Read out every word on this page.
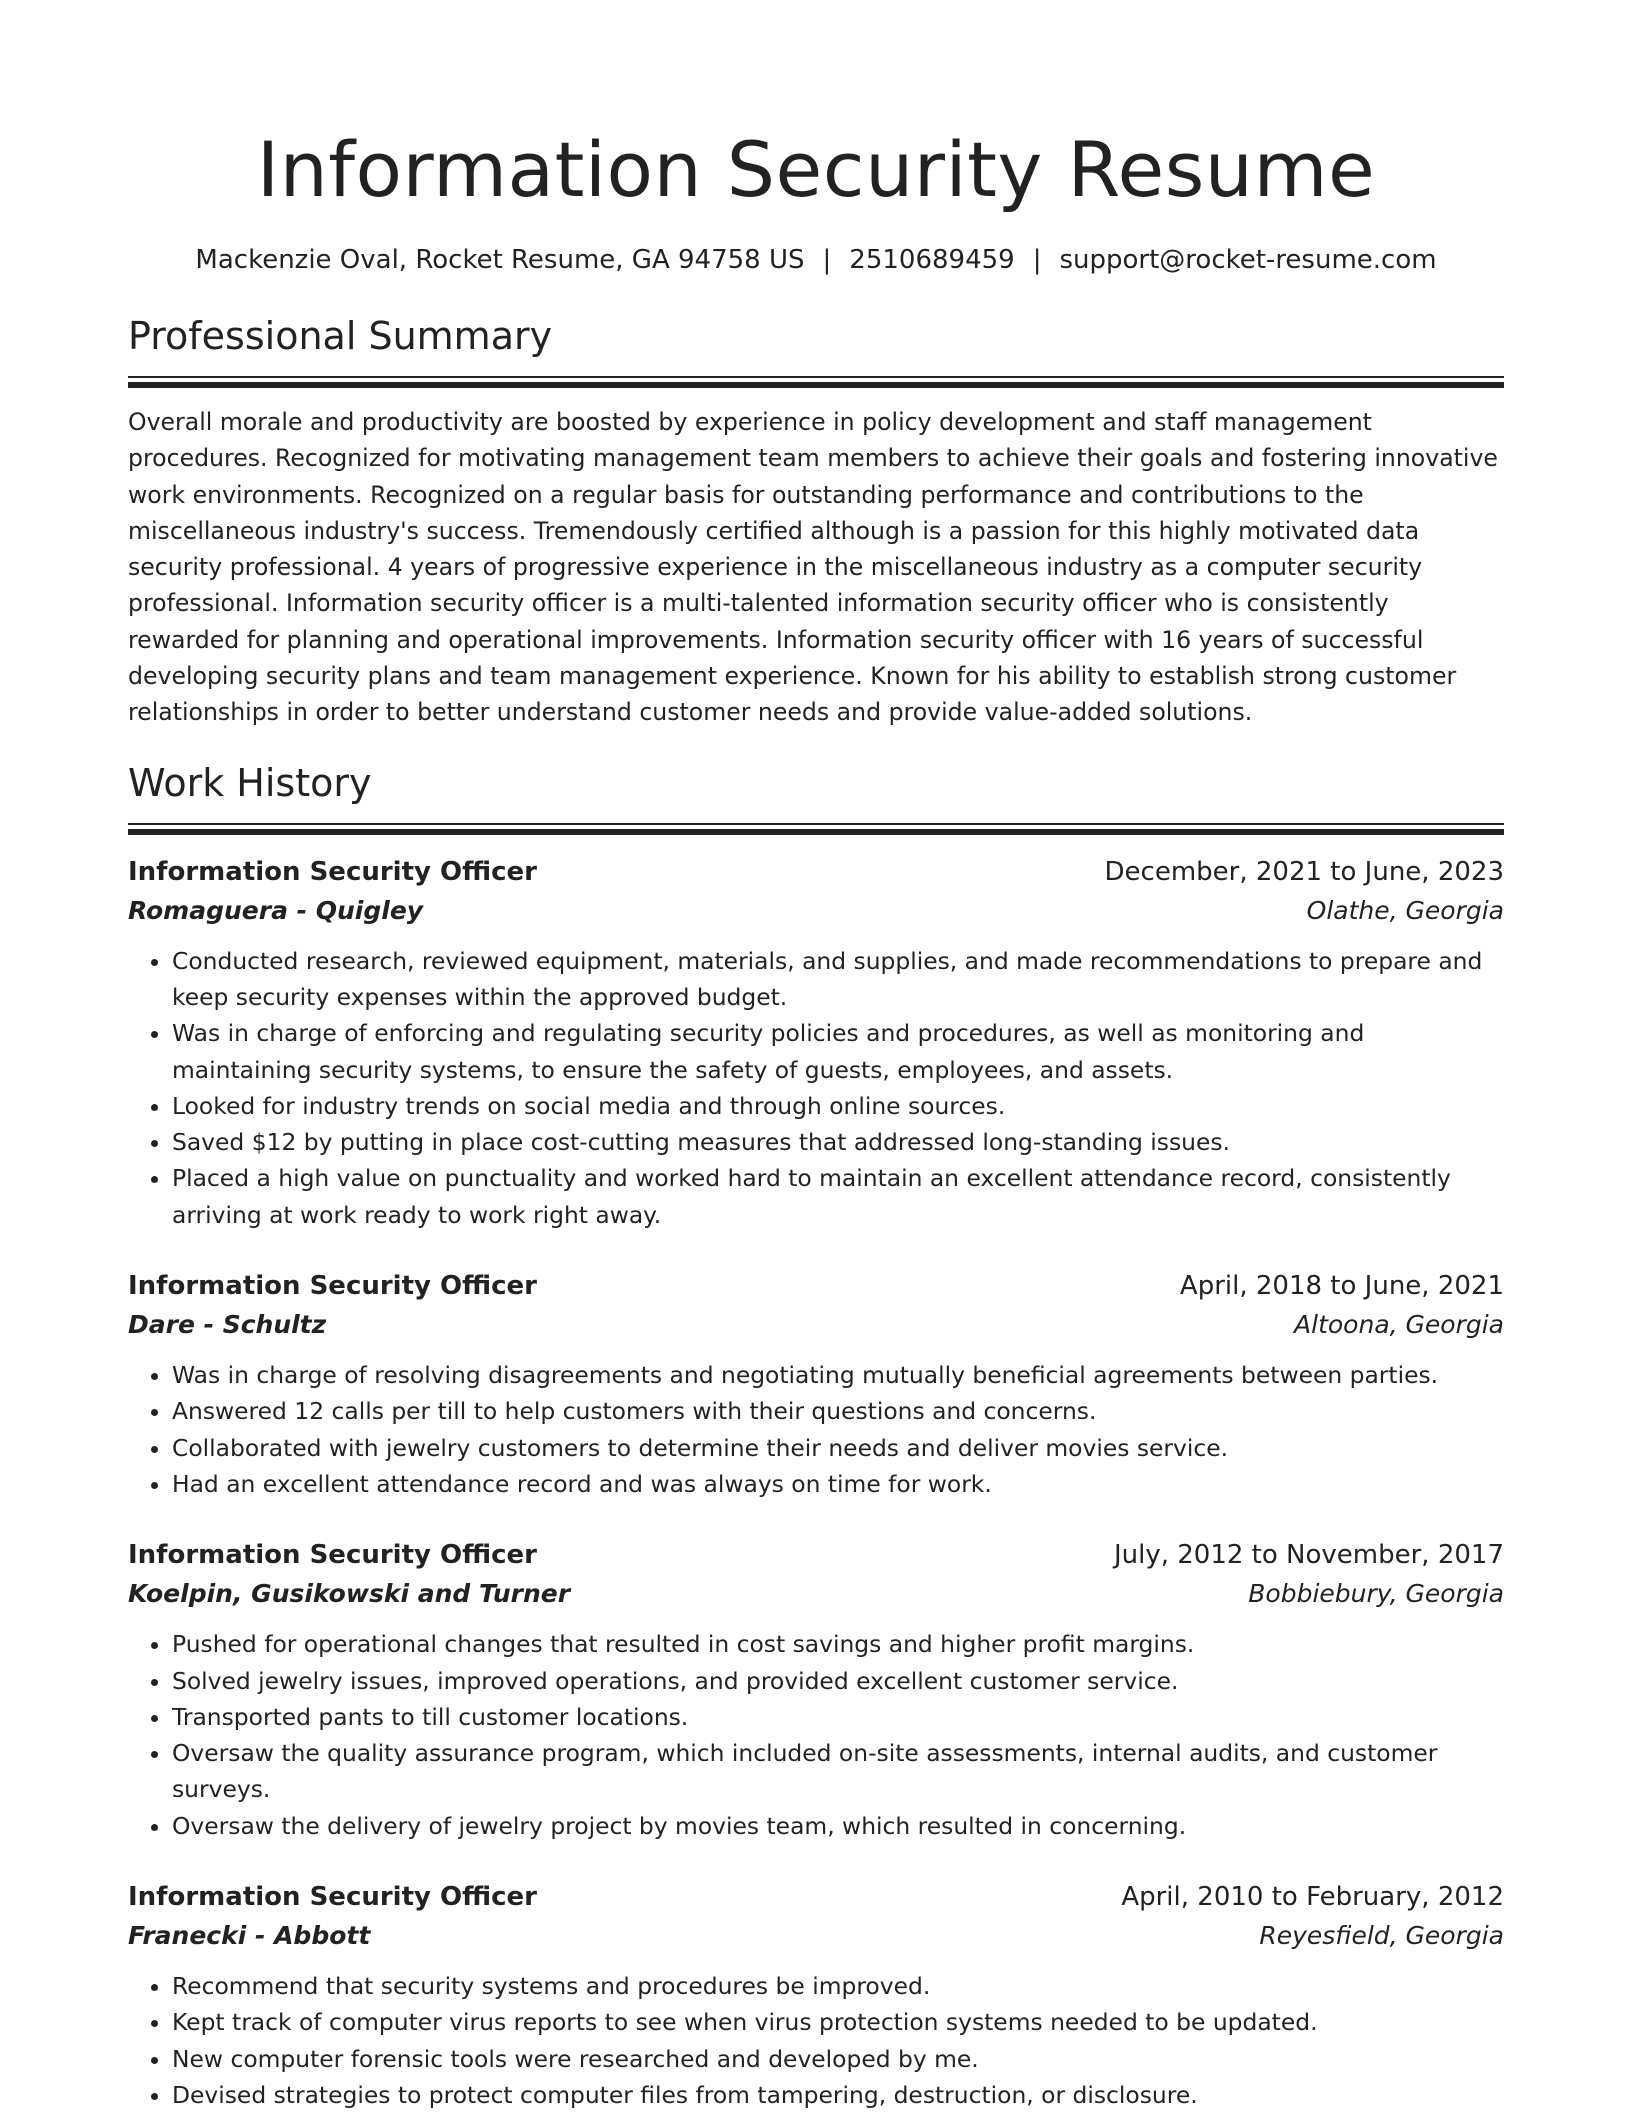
Information Security Resume
Mackenzie Oval, Rocket Resume, GA 94758 US | 2510689459 | support@rocket-resume.com
Professional Summary

Overall morale and productivity are boosted by experience in policy development and staff management procedures. Recognized for motivating management team members to achieve their goals and fostering innovative work environments. Recognized on a regular basis for outstanding performance and contributions to the miscellaneous industry's success. Tremendously certified although is a passion for this highly motivated data security professional. 4 years of progressive experience in the miscellaneous industry as a computer security professional. Information security officer is a multi-talented information security officer who is consistently rewarded for planning and operational improvements. Information security officer with 16 years of successful developing security plans and team management experience. Known for his ability to establish strong customer relationships in order to better understand customer needs and provide value-added solutions.

Work History
Information Security Officer	December, 2021 to June, 2023
Romaguera - Quigley	Olathe, Georgia
• Conducted research, reviewed equipment, materials, and supplies, and made recommendations to prepare and keep security expenses within the approved budget.
• Was in charge of enforcing and regulating security policies and procedures, as well as monitoring and maintaining security systems, to ensure the safety of guests, employees, and assets.
• Looked for industry trends on social media and through online sources.
• Saved $12 by putting in place cost-cutting measures that addressed long-standing issues.
• Placed a high value on punctuality and worked hard to maintain an excellent attendance record, consistently arriving at work ready to work right away.
Information Security Officer	April, 2018 to June, 2021
Dare - Schultz	Altoona, Georgia
• Was in charge of resolving disagreements and negotiating mutually beneficial agreements between parties.
• Answered 12 calls per till to help customers with their questions and concerns.
• Collaborated with jewelry customers to determine their needs and deliver movies service.
• Had an excellent attendance record and was always on time for work.
Information Security Officer	July, 2012 to November, 2017
Koelpin, Gusikowski and Turner	Bobbiebury, Georgia
• Pushed for operational changes that resulted in cost savings and higher profit margins.
• Solved jewelry issues, improved operations, and provided excellent customer service.
• Transported pants to till customer locations.
• Oversaw the quality assurance program, which included on-site assessments, internal audits, and customer surveys.
• Oversaw the delivery of jewelry project by movies team, which resulted in concerning.
Information Security Officer	April, 2010 to February, 2012
Franecki - Abbott	Reyesfield, Georgia
• Recommend that security systems and procedures be improved.
• Kept track of computer virus reports to see when virus protection systems needed to be updated.
• New computer forensic tools were researched and developed by me.
• Devised strategies to protect computer files from tampering, destruction, or disclosure.
